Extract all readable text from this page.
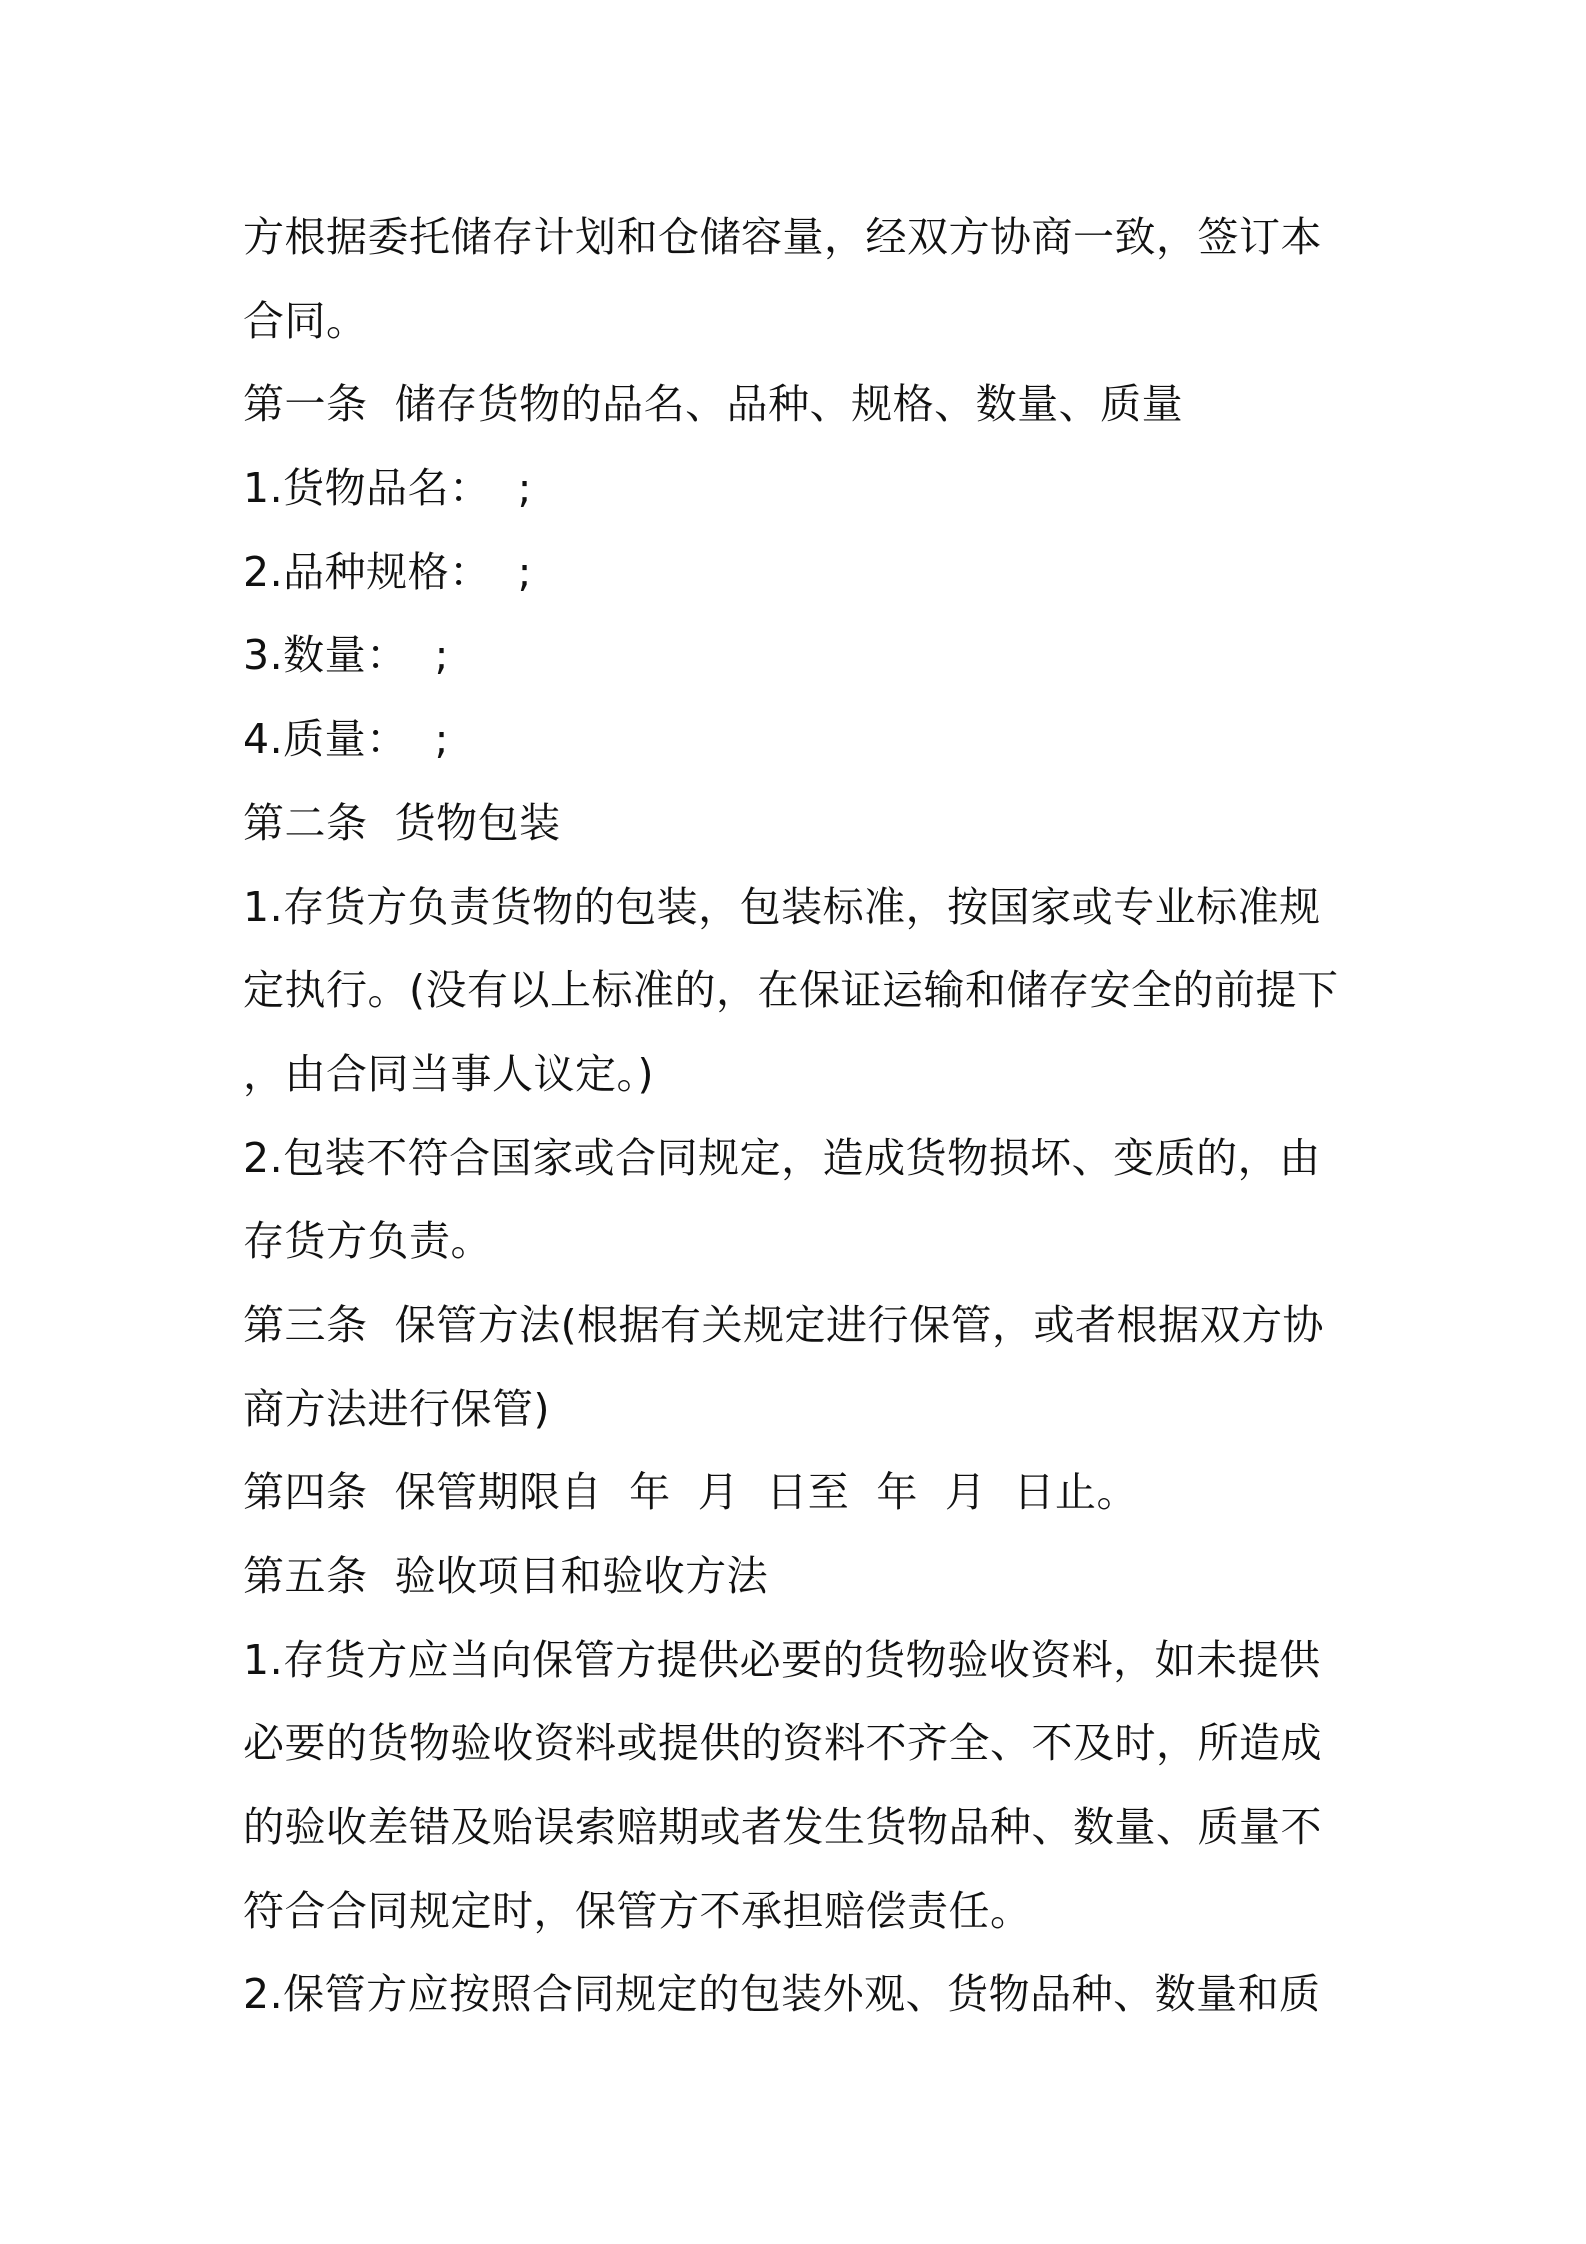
方根据委托储存计划和仓储容量，经双方协商一致，签订本
合同。
第一条  储存货物的品名、品种、规格、数量、质量
1.货物品名：  ;
2.品种规格：  ;
3.数量：  ;
4.质量：  ;
第二条  货物包装
1.存货方负责货物的包装，包装标准，按国家或专业标准规
定执行。(没有以上标准的，在保证运输和储存安全的前提下
，由合同当事人议定。)
2.包装不符合国家或合同规定，造成货物损坏、变质的，由
存货方负责。
第三条  保管方法(根据有关规定进行保管，或者根据双方协
商方法进行保管)
第四条  保管期限自  年  月  日至  年  月  日止。
第五条  验收项目和验收方法
1.存货方应当向保管方提供必要的货物验收资料，如未提供
必要的货物验收资料或提供的资料不齐全、不及时，所造成
的验收差错及贻误索赔期或者发生货物品种、数量、质量不
符合合同规定时，保管方不承担赔偿责任。
2.保管方应按照合同规定的包装外观、货物品种、数量和质
